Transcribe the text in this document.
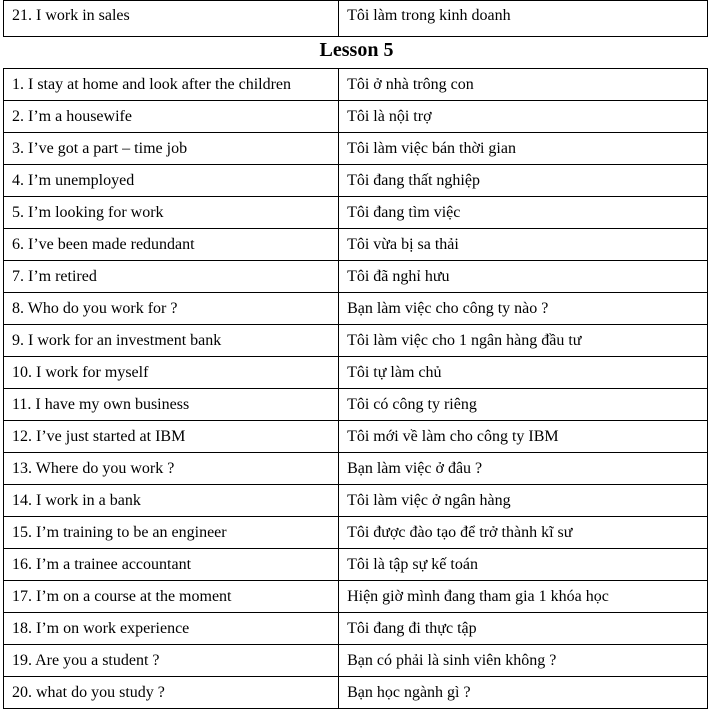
21. I work in sales	Tôi làm trong kinh doanh
Lesson 5
1. I stay at home and look after the children	Tôi ở nhà trông con
2. I’m a housewife	Tôi là nội trợ
3. I’ve got a part – time job	Tôi làm việc bán thời gian
4. I’m unemployed	Tôi đang thất nghiệp
5. I’m looking for work	Tôi đang tìm việc
6. I’ve been made redundant	Tôi vừa bị sa thải
7. I’m retired	Tôi đã nghỉ hưu
8. Who do you work for ?	Bạn làm việc cho công ty nào ?
9. I work for an investment bank	Tôi làm việc cho 1 ngân hàng đầu tư
10. I work for myself	Tôi tự làm chủ
11. I have my own business	Tôi có công ty riêng
12. I’ve just started at IBM	Tôi mới về làm cho công ty IBM
13. Where do you work ?	Bạn làm việc ở đâu ?
14. I work in a bank	Tôi làm việc ở ngân hàng
15. I’m training to be an engineer	Tôi được đào tạo để trở thành kĩ sư
16. I’m a trainee accountant	Tôi là tập sự kế toán
17. I’m on a course at the moment	Hiện giờ mình đang tham gia 1 khóa học
18. I’m on work experience	Tôi đang đi thực tập
19. Are you a student ?	Bạn có phải là sinh viên không ?
20. what do you study ?	Bạn học ngành gì ?
